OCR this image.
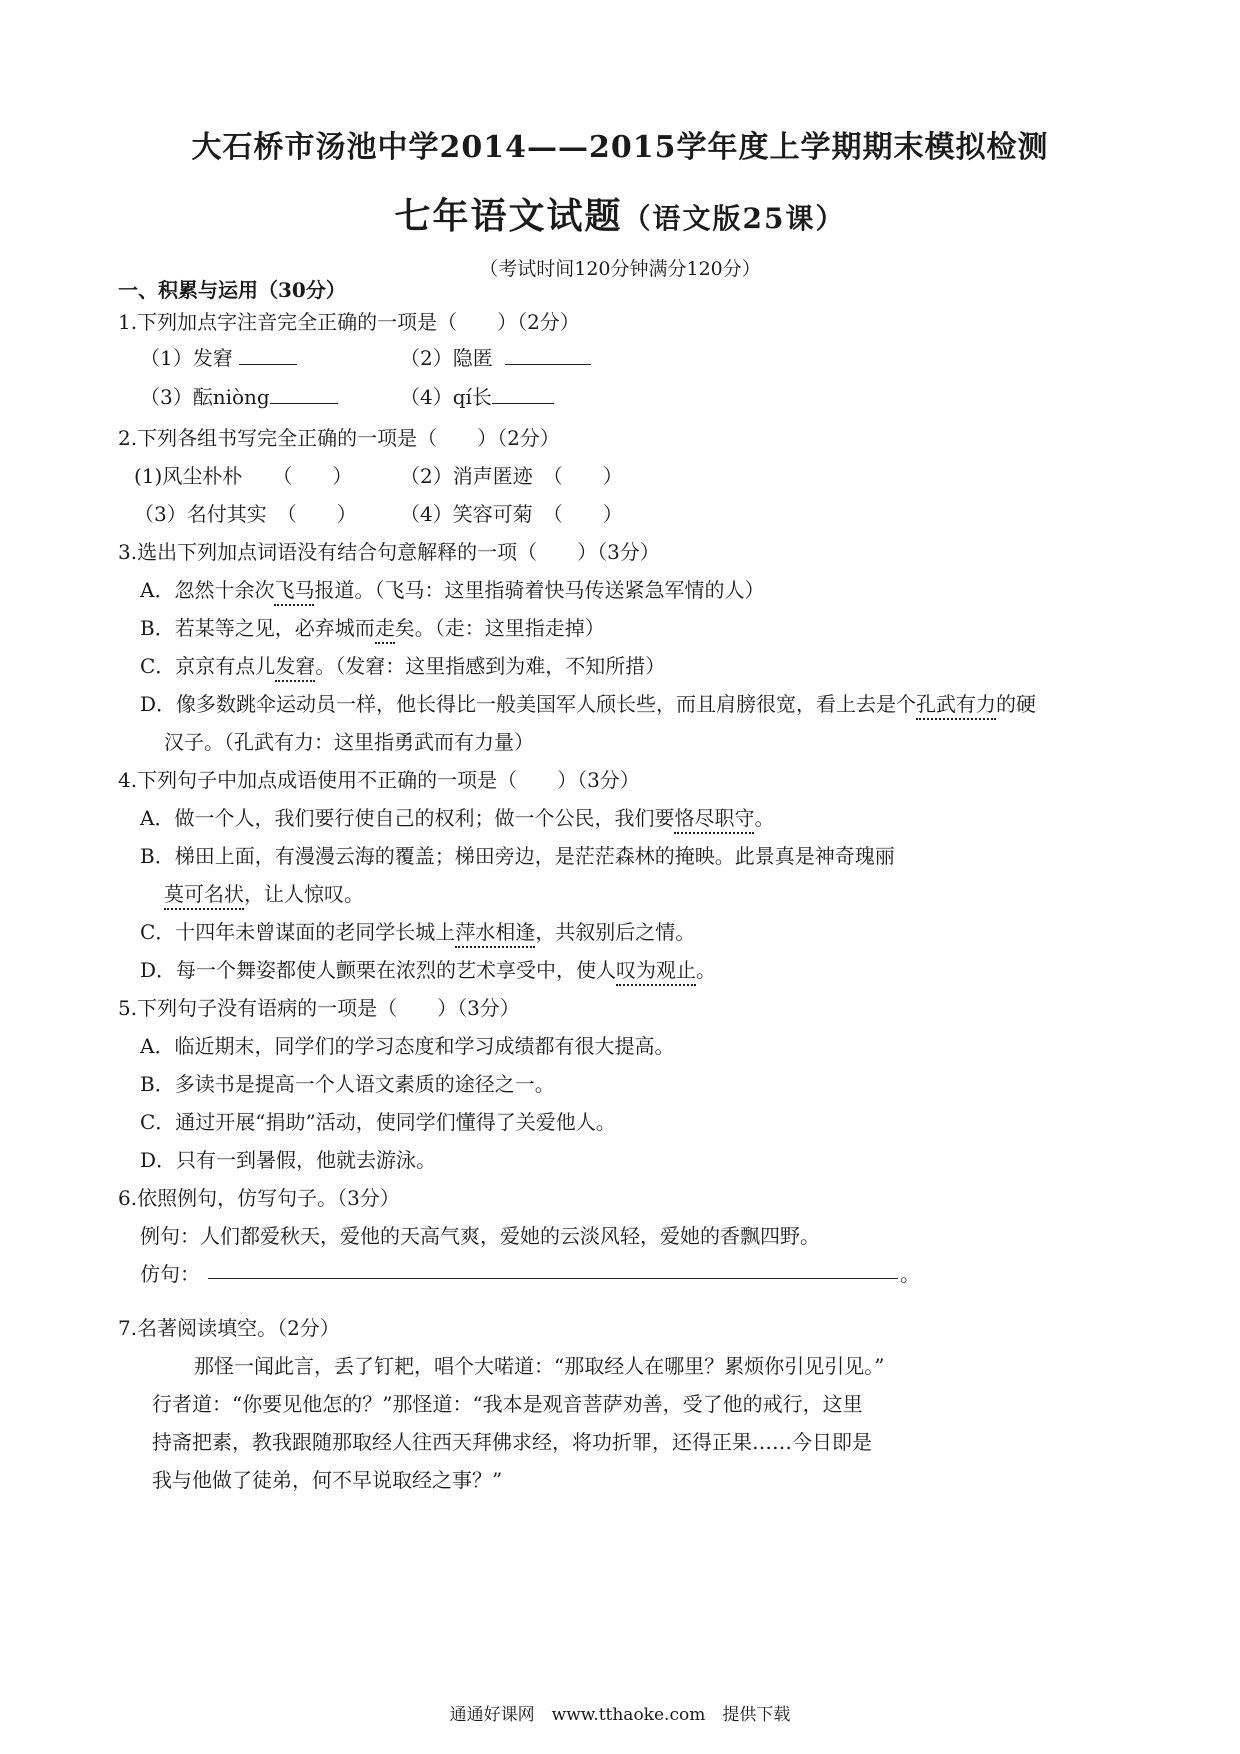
大石桥市汤池中学2014——2015学年度上学期期末模拟检测
七年语文试题（语文版25课）
（考试时间120分钟满分120分）
一、积累与运用（30分）
1.下列加点字注音完全正确的一项是（　　）（2分）
（1）发窘	（2）隐匿
（3）酝niòng	（4）qí长
2.下列各组书写完全正确的一项是（　　）（2分）
(1)风尘朴朴　　（　　） （2）消声匿迹　（　　）
（3）名付其实　（　　） （4）笑容可菊　（　　）
3.选出下列加点词语没有结合句意解释的一项（　　）（3分）
A．忽然十余次飞马报道。（飞马：这里指骑着快马传送紧急军情的人）
B．若某等之见，必弃城而走矣。（走：这里指走掉）
C．京京有点儿发窘。（发窘：这里指感到为难，不知所措）
D．像多数跳伞运动员一样，他长得比一般美国军人颀长些，而且肩膀很宽，看上去是个孔武有力的硬
汉子。（孔武有力：这里指勇武而有力量）
4.下列句子中加点成语使用不正确的一项是（　　）（3分）
A．做一个人，我们要行使自己的权利；做一个公民，我们要恪尽职守。
B．梯田上面，有漫漫云海的覆盖；梯田旁边，是茫茫森林的掩映。此景真是神奇瑰丽
莫可名状，让人惊叹。
C．十四年未曾谋面的老同学长城上萍水相逢，共叙别后之情。
D．每一个舞姿都使人颤栗在浓烈的艺术享受中，使人叹为观止。
5.下列句子没有语病的一项是（　　）（3分）
A．临近期末，同学们的学习态度和学习成绩都有很大提高。
B．多读书是提高一个人语文素质的途径之一。
C．通过开展“捐助”活动，使同学们懂得了关爱他人。
D．只有一到暑假，他就去游泳。
6.依照例句，仿写句子。（3分）
例句：人们都爱秋天，爱他的天高气爽，爱她的云淡风轻，爱她的香飘四野。
仿句：	。
7.名著阅读填空。（2分）
那怪一闻此言，丢了钉耙，唱个大喏道：“那取经人在哪里？累烦你引见引见。”
行者道：“你要见他怎的？”那怪道：“我本是观音菩萨劝善，受了他的戒行，这里
持斋把素，教我跟随那取经人往西天拜佛求经，将功折罪，还得正果……今日即是
我与他做了徒弟，何不早说取经之事？”
通通好课网　www.tthaoke.com　提供下载
